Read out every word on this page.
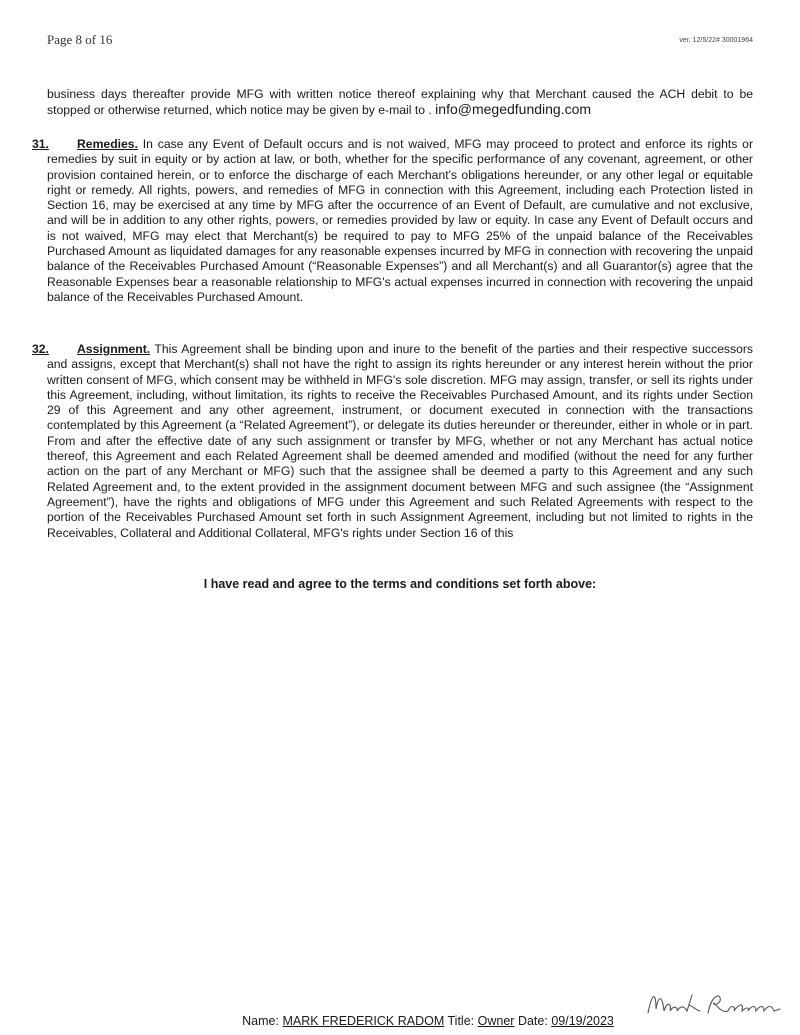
Page 8 of 16	ver. 12/5/22# 30001964
business days thereafter provide MFG with written notice thereof explaining why that Merchant caused the ACH debit to be stopped or otherwise returned, which notice may be given by e-mail to . info@megedfunding.com
31. Remedies. In case any Event of Default occurs and is not waived, MFG may proceed to protect and enforce its rights or remedies by suit in equity or by action at law, or both, whether for the specific performance of any covenant, agreement, or other provision contained herein, or to enforce the discharge of each Merchant's obligations hereunder, or any other legal or equitable right or remedy. All rights, powers, and remedies of MFG in connection with this Agreement, including each Protection listed in Section 16, may be exercised at any time by MFG after the occurrence of an Event of Default, are cumulative and not exclusive, and will be in addition to any other rights, powers, or remedies provided by law or equity. In case any Event of Default occurs and is not waived, MFG may elect that Merchant(s) be required to pay to MFG 25% of the unpaid balance of the Receivables Purchased Amount as liquidated damages for any reasonable expenses incurred by MFG in connection with recovering the unpaid balance of the Receivables Purchased Amount (“Reasonable Expenses”) and all Merchant(s) and all Guarantor(s) agree that the Reasonable Expenses bear a reasonable relationship to MFG's actual expenses incurred in connection with recovering the unpaid balance of the Receivables Purchased Amount.
32. Assignment. This Agreement shall be binding upon and inure to the benefit of the parties and their respective successors and assigns, except that Merchant(s) shall not have the right to assign its rights hereunder or any interest herein without the prior written consent of MFG, which consent may be withheld in MFG's sole discretion. MFG may assign, transfer, or sell its rights under this Agreement, including, without limitation, its rights to receive the Receivables Purchased Amount, and its rights under Section 29 of this Agreement and any other agreement, instrument, or document executed in connection with the transactions contemplated by this Agreement (a “Related Agreement”), or delegate its duties hereunder or thereunder, either in whole or in part. From and after the effective date of any such assignment or transfer by MFG, whether or not any Merchant has actual notice thereof, this Agreement and each Related Agreement shall be deemed amended and modified (without the need for any further action on the part of any Merchant or MFG) such that the assignee shall be deemed a party to this Agreement and any such Related Agreement and, to the extent provided in the assignment document between MFG and such assignee (the “Assignment Agreement”), have the rights and obligations of MFG under this Agreement and such Related Agreements with respect to the portion of the Receivables Purchased Amount set forth in such Assignment Agreement, including but not limited to rights in the Receivables, Collateral and Additional Collateral, MFG's rights under Section 16 of this
I have read and agree to the terms and conditions set forth above:
Name: MARK FREDERICK RADOM Title: Owner Date: 09/19/2023
